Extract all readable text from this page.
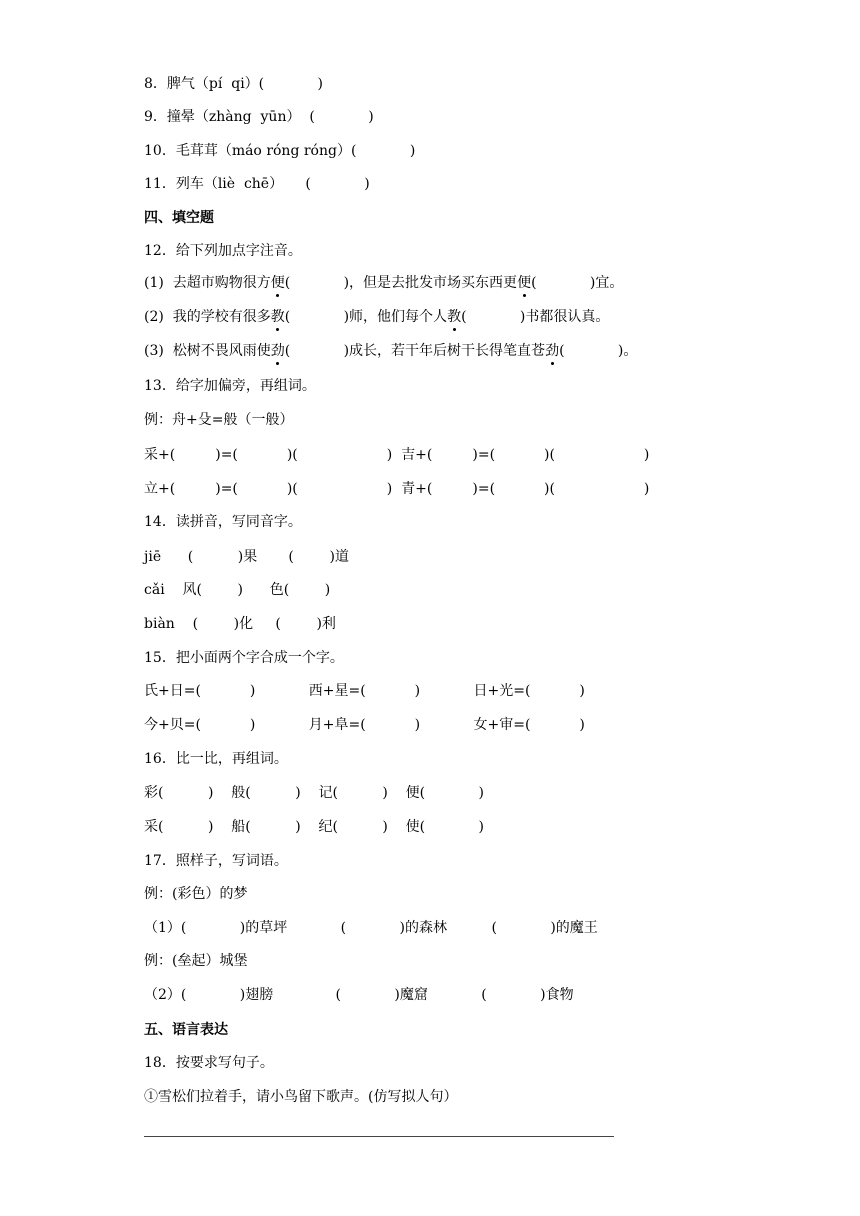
8．脾气（pí  qi）(            )
9．撞晕（zhàng  yūn）  (            )
10．毛茸茸（máo róng róng）(            )
11．列车（liè  chē）     (            )
四、填空题
12．给下列加点字注音。
(1)  去超市购物很方便(            )，但是去批发市场买东西更便(            )宜。
(2)  我的学校有很多教(            )师，他们每个人教(            )书都很认真。
(3)  松树不畏风雨使劲(            )成长，若干年后树干长得笔直苍劲(            )。
13．给字加偏旁，再组词。
例：舟+殳=般（一般）
采+(         )=(           )(                    )  吉+(         )=(           )(                    )
立+(         )=(           )(                    )  青+(         )=(           )(                    )
14．读拼音，写同音字。
jiē      (          )果       (        )道
cǎi    风(        )      色(        )
biàn    (        )化     (        )利
15．把小面两个字合成一个字。
氏+日=(           )            西+星=(           )            日+光=(           )
今+贝=(           )            月+阜=(           )            女+审=(           )
16．比一比，再组词。
彩(          )    般(          )    记(          )    便(            )
采(          )    船(          )    纪(          )    使(            )
17．照样子，写词语。
例：(彩色）的梦
（1）(            )的草坪            (            )的森林          (            )的魔王
例：(垒起）城堡
（2）(            )翅膀              (            )魔窟            (            )食物
五、语言表达
18．按要求写句子。
①雪松们拉着手，请小鸟留下歌声。(仿写拟人句）
